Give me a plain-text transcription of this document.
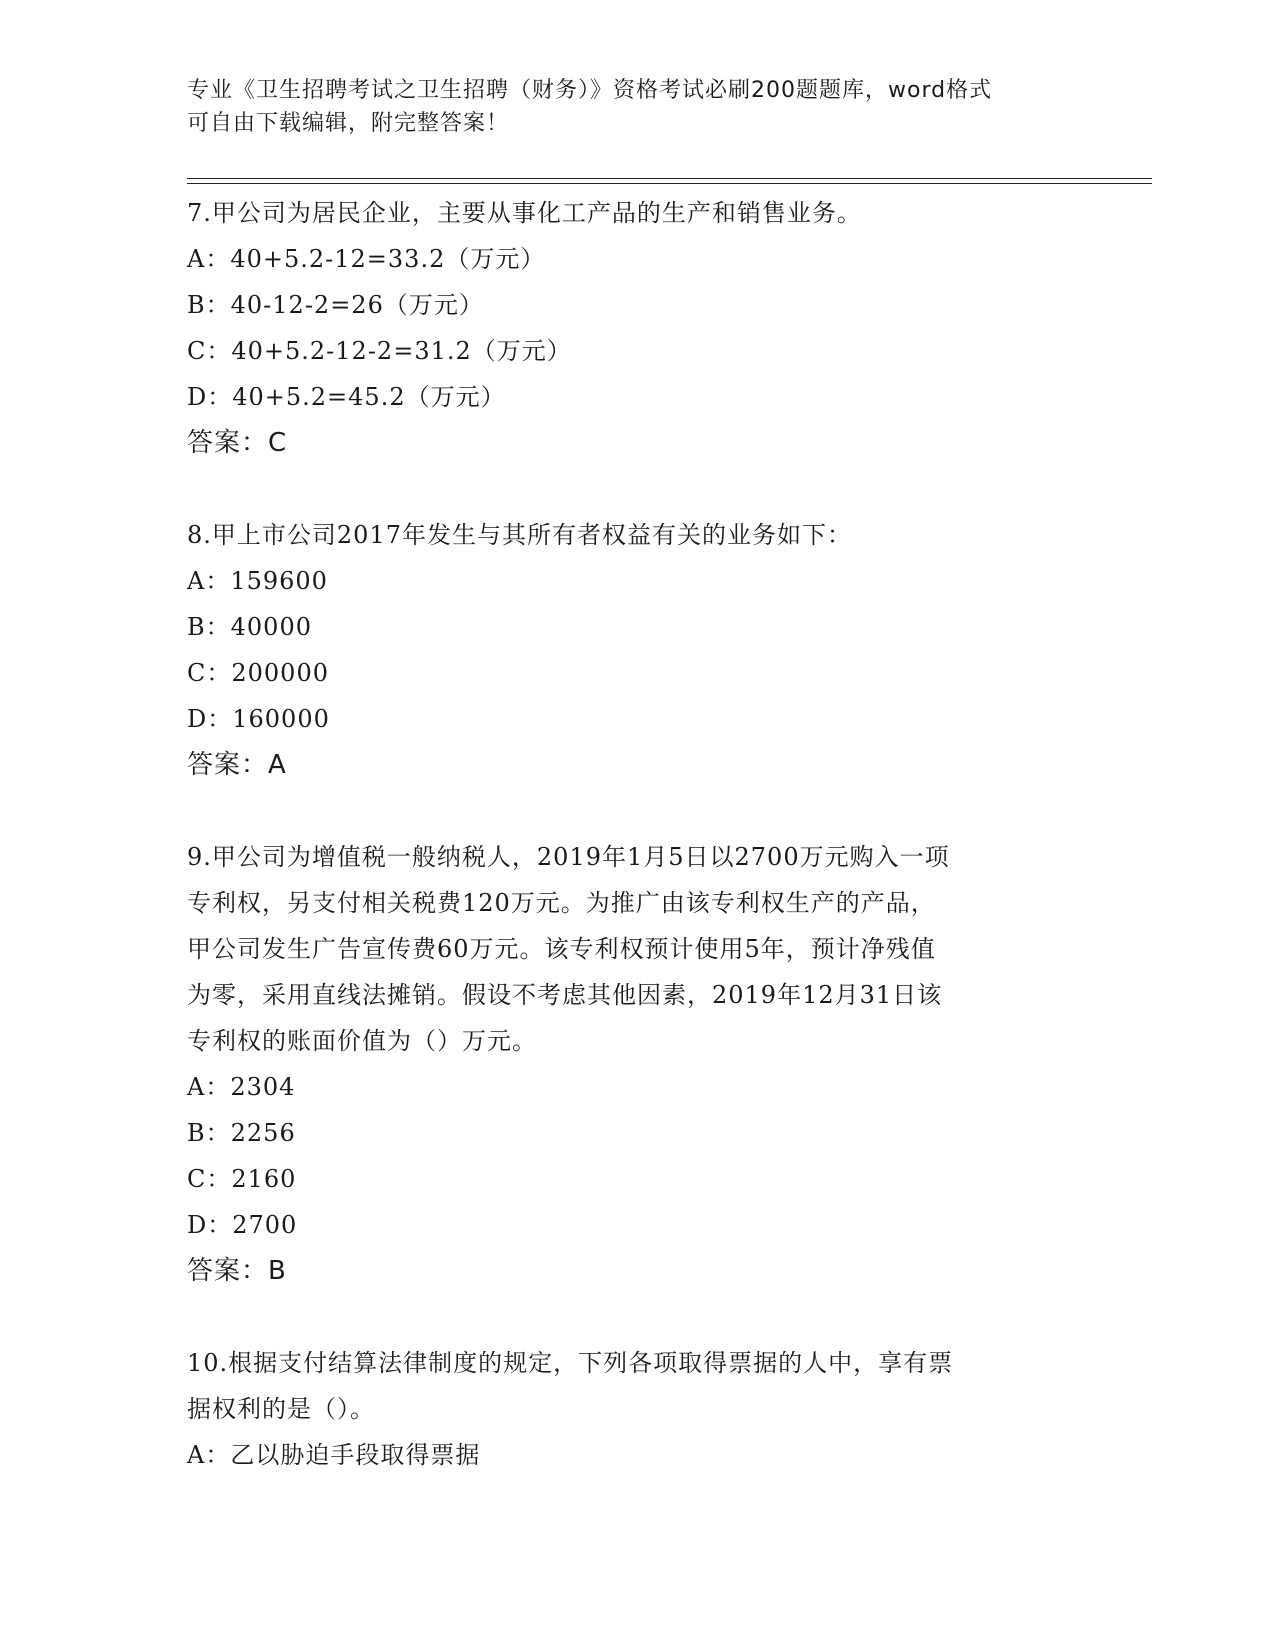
专业《卫生招聘考试之卫生招聘（财务）》资格考试必刷200题题库，word格式
可自由下载编辑，附完整答案！
7.甲公司为居民企业，主要从事化工产品的生产和销售业务。
A：40+5.2-12=33.2（万元）
B：40-12-2=26（万元）
C：40+5.2-12-2=31.2（万元）
D：40+5.2=45.2（万元）
答案：C
8.甲上市公司2017年发生与其所有者权益有关的业务如下：
A：159600
B：40000
C：200000
D：160000
答案：A
9.甲公司为增值税一般纳税人，2019年1月5日以2700万元购入一项
专利权，另支付相关税费120万元。为推广由该专利权生产的产品，
甲公司发生广告宣传费60万元。该专利权预计使用5年，预计净残值
为零，采用直线法摊销。假设不考虑其他因素，2019年12月31日该
专利权的账面价值为（）万元。
A：2304
B：2256
C：2160
D：2700
答案：B
10.根据支付结算法律制度的规定，下列各项取得票据的人中，享有票
据权利的是（）。
A：乙以胁迫手段取得票据
